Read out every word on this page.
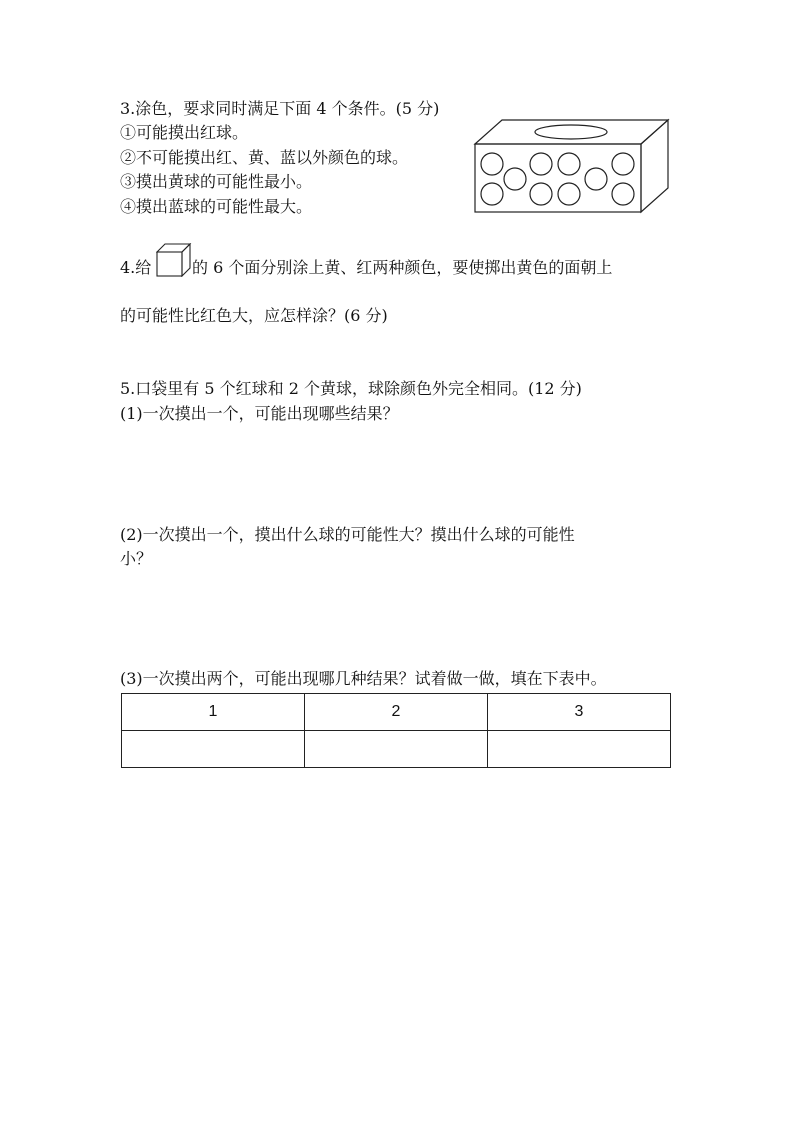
3.涂色，要求同时满足下面 4 个条件。(5 分)
①可能摸出红球。
②不可能摸出红、黄、蓝以外颜色的球。
③摸出黄球的可能性最小。
④摸出蓝球的可能性最大。
4.给	的 6 个面分别涂上黄、红两种颜色，要使掷出黄色的面朝上
的可能性比红色大，应怎样涂？(6 分)
5.口袋里有 5 个红球和 2 个黄球，球除颜色外完全相同。(12 分)
(1)一次摸出一个，可能出现哪些结果？
(2)一次摸出一个，摸出什么球的可能性大？摸出什么球的可能性
小？
(3)一次摸出两个，可能出现哪几种结果？试着做一做，填在下表中。
1	2	3
